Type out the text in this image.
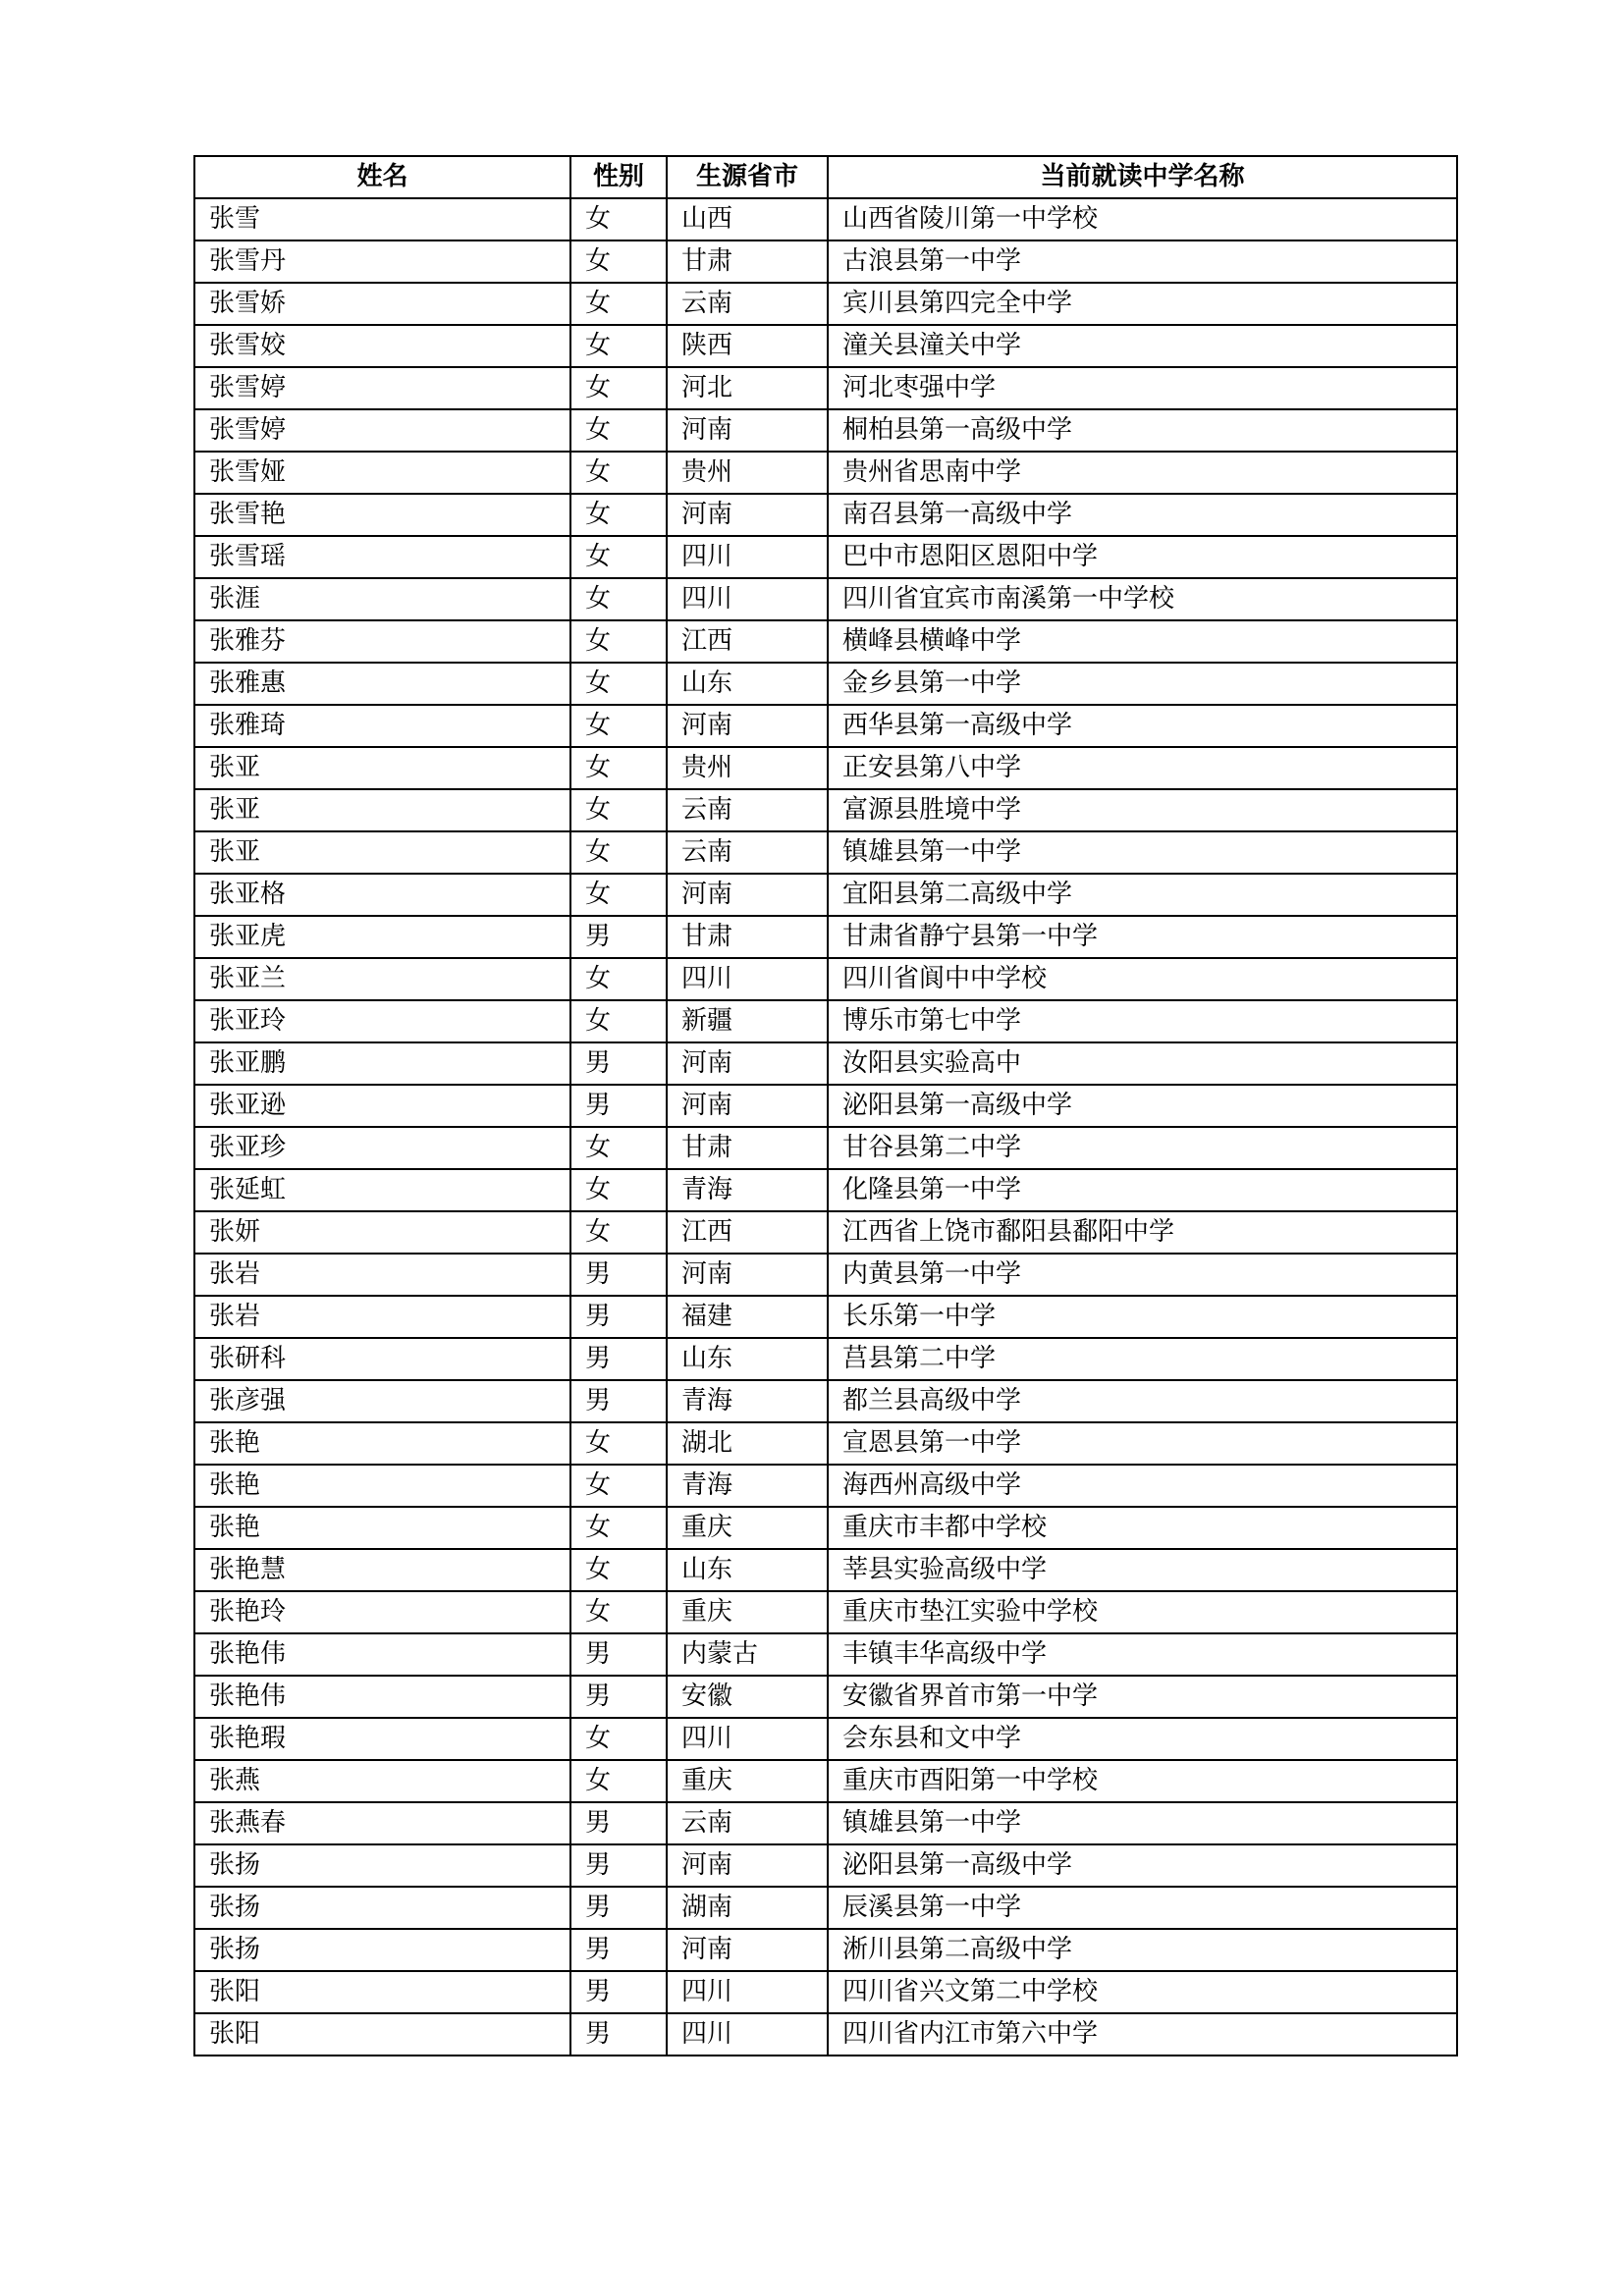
姓名	性别	生源省市	当前就读中学名称
张雪	女	山西	山西省陵川第一中学校
张雪丹	女	甘肃	古浪县第一中学
张雪娇	女	云南	宾川县第四完全中学
张雪姣	女	陕西	潼关县潼关中学
张雪婷	女	河北	河北枣强中学
张雪婷	女	河南	桐柏县第一高级中学
张雪娅	女	贵州	贵州省思南中学
张雪艳	女	河南	南召县第一高级中学
张雪瑶	女	四川	巴中市恩阳区恩阳中学
张涯	女	四川	四川省宜宾市南溪第一中学校
张雅芬	女	江西	横峰县横峰中学
张雅惠	女	山东	金乡县第一中学
张雅琦	女	河南	西华县第一高级中学
张亚	女	贵州	正安县第八中学
张亚	女	云南	富源县胜境中学
张亚	女	云南	镇雄县第一中学
张亚格	女	河南	宜阳县第二高级中学
张亚虎	男	甘肃	甘肃省静宁县第一中学
张亚兰	女	四川	四川省阆中中学校
张亚玲	女	新疆	博乐市第七中学
张亚鹏	男	河南	汝阳县实验高中
张亚逊	男	河南	泌阳县第一高级中学
张亚珍	女	甘肃	甘谷县第二中学
张延虹	女	青海	化隆县第一中学
张妍	女	江西	江西省上饶市鄱阳县鄱阳中学
张岩	男	河南	内黄县第一中学
张岩	男	福建	长乐第一中学
张研科	男	山东	莒县第二中学
张彦强	男	青海	都兰县高级中学
张艳	女	湖北	宣恩县第一中学
张艳	女	青海	海西州高级中学
张艳	女	重庆	重庆市丰都中学校
张艳慧	女	山东	莘县实验高级中学
张艳玲	女	重庆	重庆市垫江实验中学校
张艳伟	男	内蒙古	丰镇丰华高级中学
张艳伟	男	安徽	安徽省界首市第一中学
张艳瑕	女	四川	会东县和文中学
张燕	女	重庆	重庆市酉阳第一中学校
张燕春	男	云南	镇雄县第一中学
张扬	男	河南	泌阳县第一高级中学
张扬	男	湖南	辰溪县第一中学
张扬	男	河南	淅川县第二高级中学
张阳	男	四川	四川省兴文第二中学校
张阳	男	四川	四川省内江市第六中学
